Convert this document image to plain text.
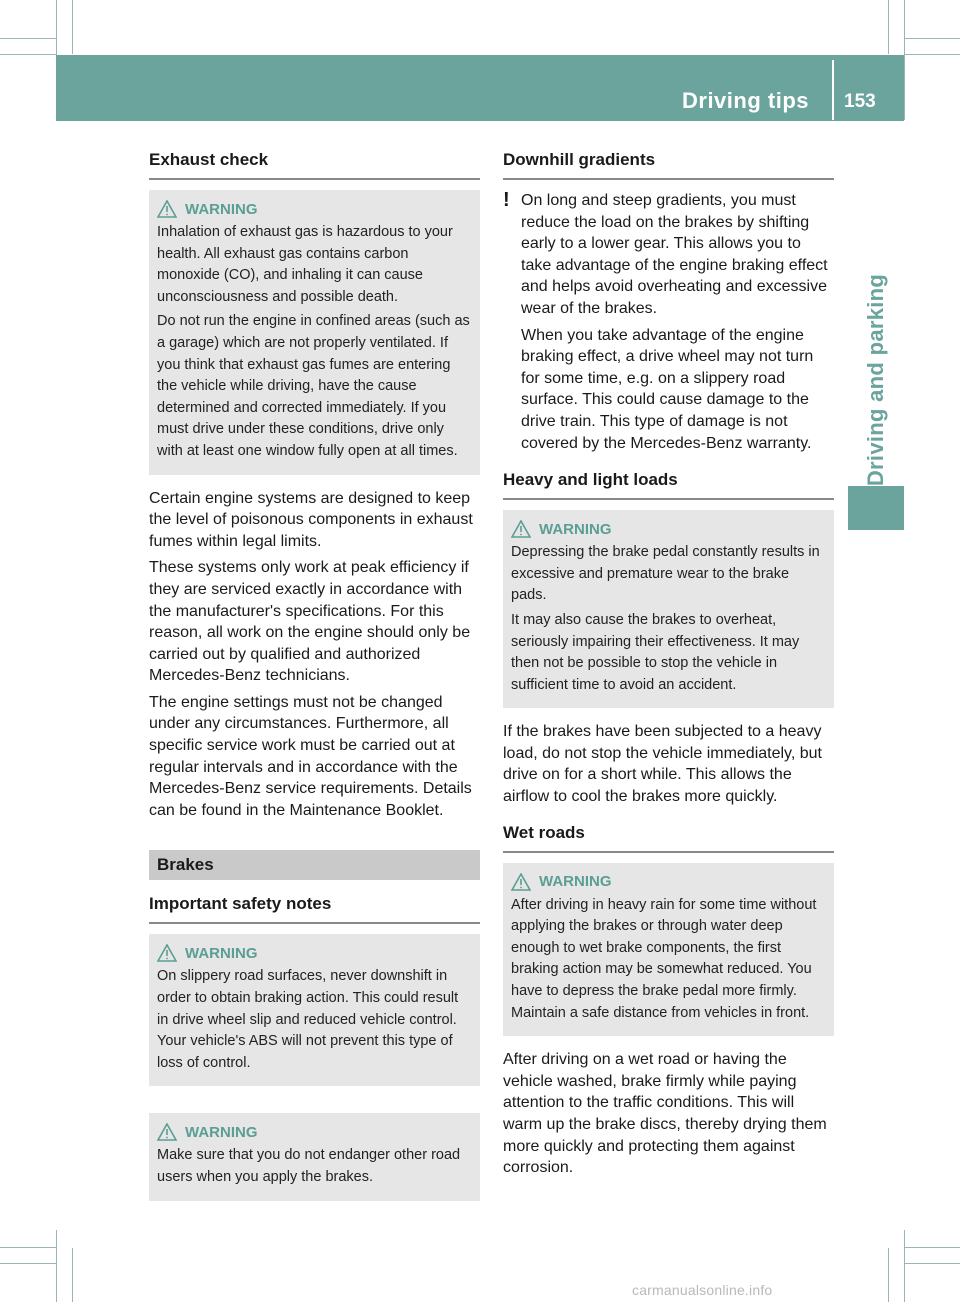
Driving tips 153
Driving and parking
Exhaust check
WARNING

Inhalation of exhaust gas is hazardous to your health. All exhaust gas contains carbon monoxide (CO), and inhaling it can cause unconsciousness and possible death.

Do not run the engine in confined areas (such as a garage) which are not properly ventilated. If you think that exhaust gas fumes are entering the vehicle while driving, have the cause determined and corrected immediately. If you must drive under these conditions, drive only with at least one window fully open at all times.

Certain engine systems are designed to keep the level of poisonous components in exhaust fumes within legal limits.

These systems only work at peak efficiency if they are serviced exactly in accordance with the manufacturer's specifications. For this reason, all work on the engine should only be carried out by qualified and authorized Mercedes-Benz technicians.

The engine settings must not be changed under any circumstances. Furthermore, all specific service work must be carried out at regular intervals and in accordance with the Mercedes-Benz service requirements. Details can be found in the Maintenance Booklet.

Brakes
Important safety notes
WARNING

On slippery road surfaces, never downshift in order to obtain braking action. This could result in drive wheel slip and reduced vehicle control. Your vehicle's ABS will not prevent this type of loss of control.

WARNING

Make sure that you do not endanger other road users when you apply the brakes.

Downhill gradients
! On long and steep gradients, you must reduce the load on the brakes by shifting early to a lower gear. This allows you to take advantage of the engine braking effect and helps avoid overheating and excessive wear of the brakes.

When you take advantage of the engine braking effect, a drive wheel may not turn for some time, e.g. on a slippery road surface. This could cause damage to the drive train. This type of damage is not covered by the Mercedes-Benz warranty.

Heavy and light loads
WARNING

Depressing the brake pedal constantly results in excessive and premature wear to the brake pads.

It may also cause the brakes to overheat, seriously impairing their effectiveness. It may then not be possible to stop the vehicle in sufficient time to avoid an accident.

If the brakes have been subjected to a heavy load, do not stop the vehicle immediately, but drive on for a short while. This allows the airflow to cool the brakes more quickly.

Wet roads
WARNING

After driving in heavy rain for some time without applying the brakes or through water deep enough to wet brake components, the first braking action may be somewhat reduced. You have to depress the brake pedal more firmly. Maintain a safe distance from vehicles in front.

After driving on a wet road or having the vehicle washed, brake firmly while paying attention to the traffic conditions. This will warm up the brake discs, thereby drying them more quickly and protecting them against corrosion.

carmanualsonline.info
